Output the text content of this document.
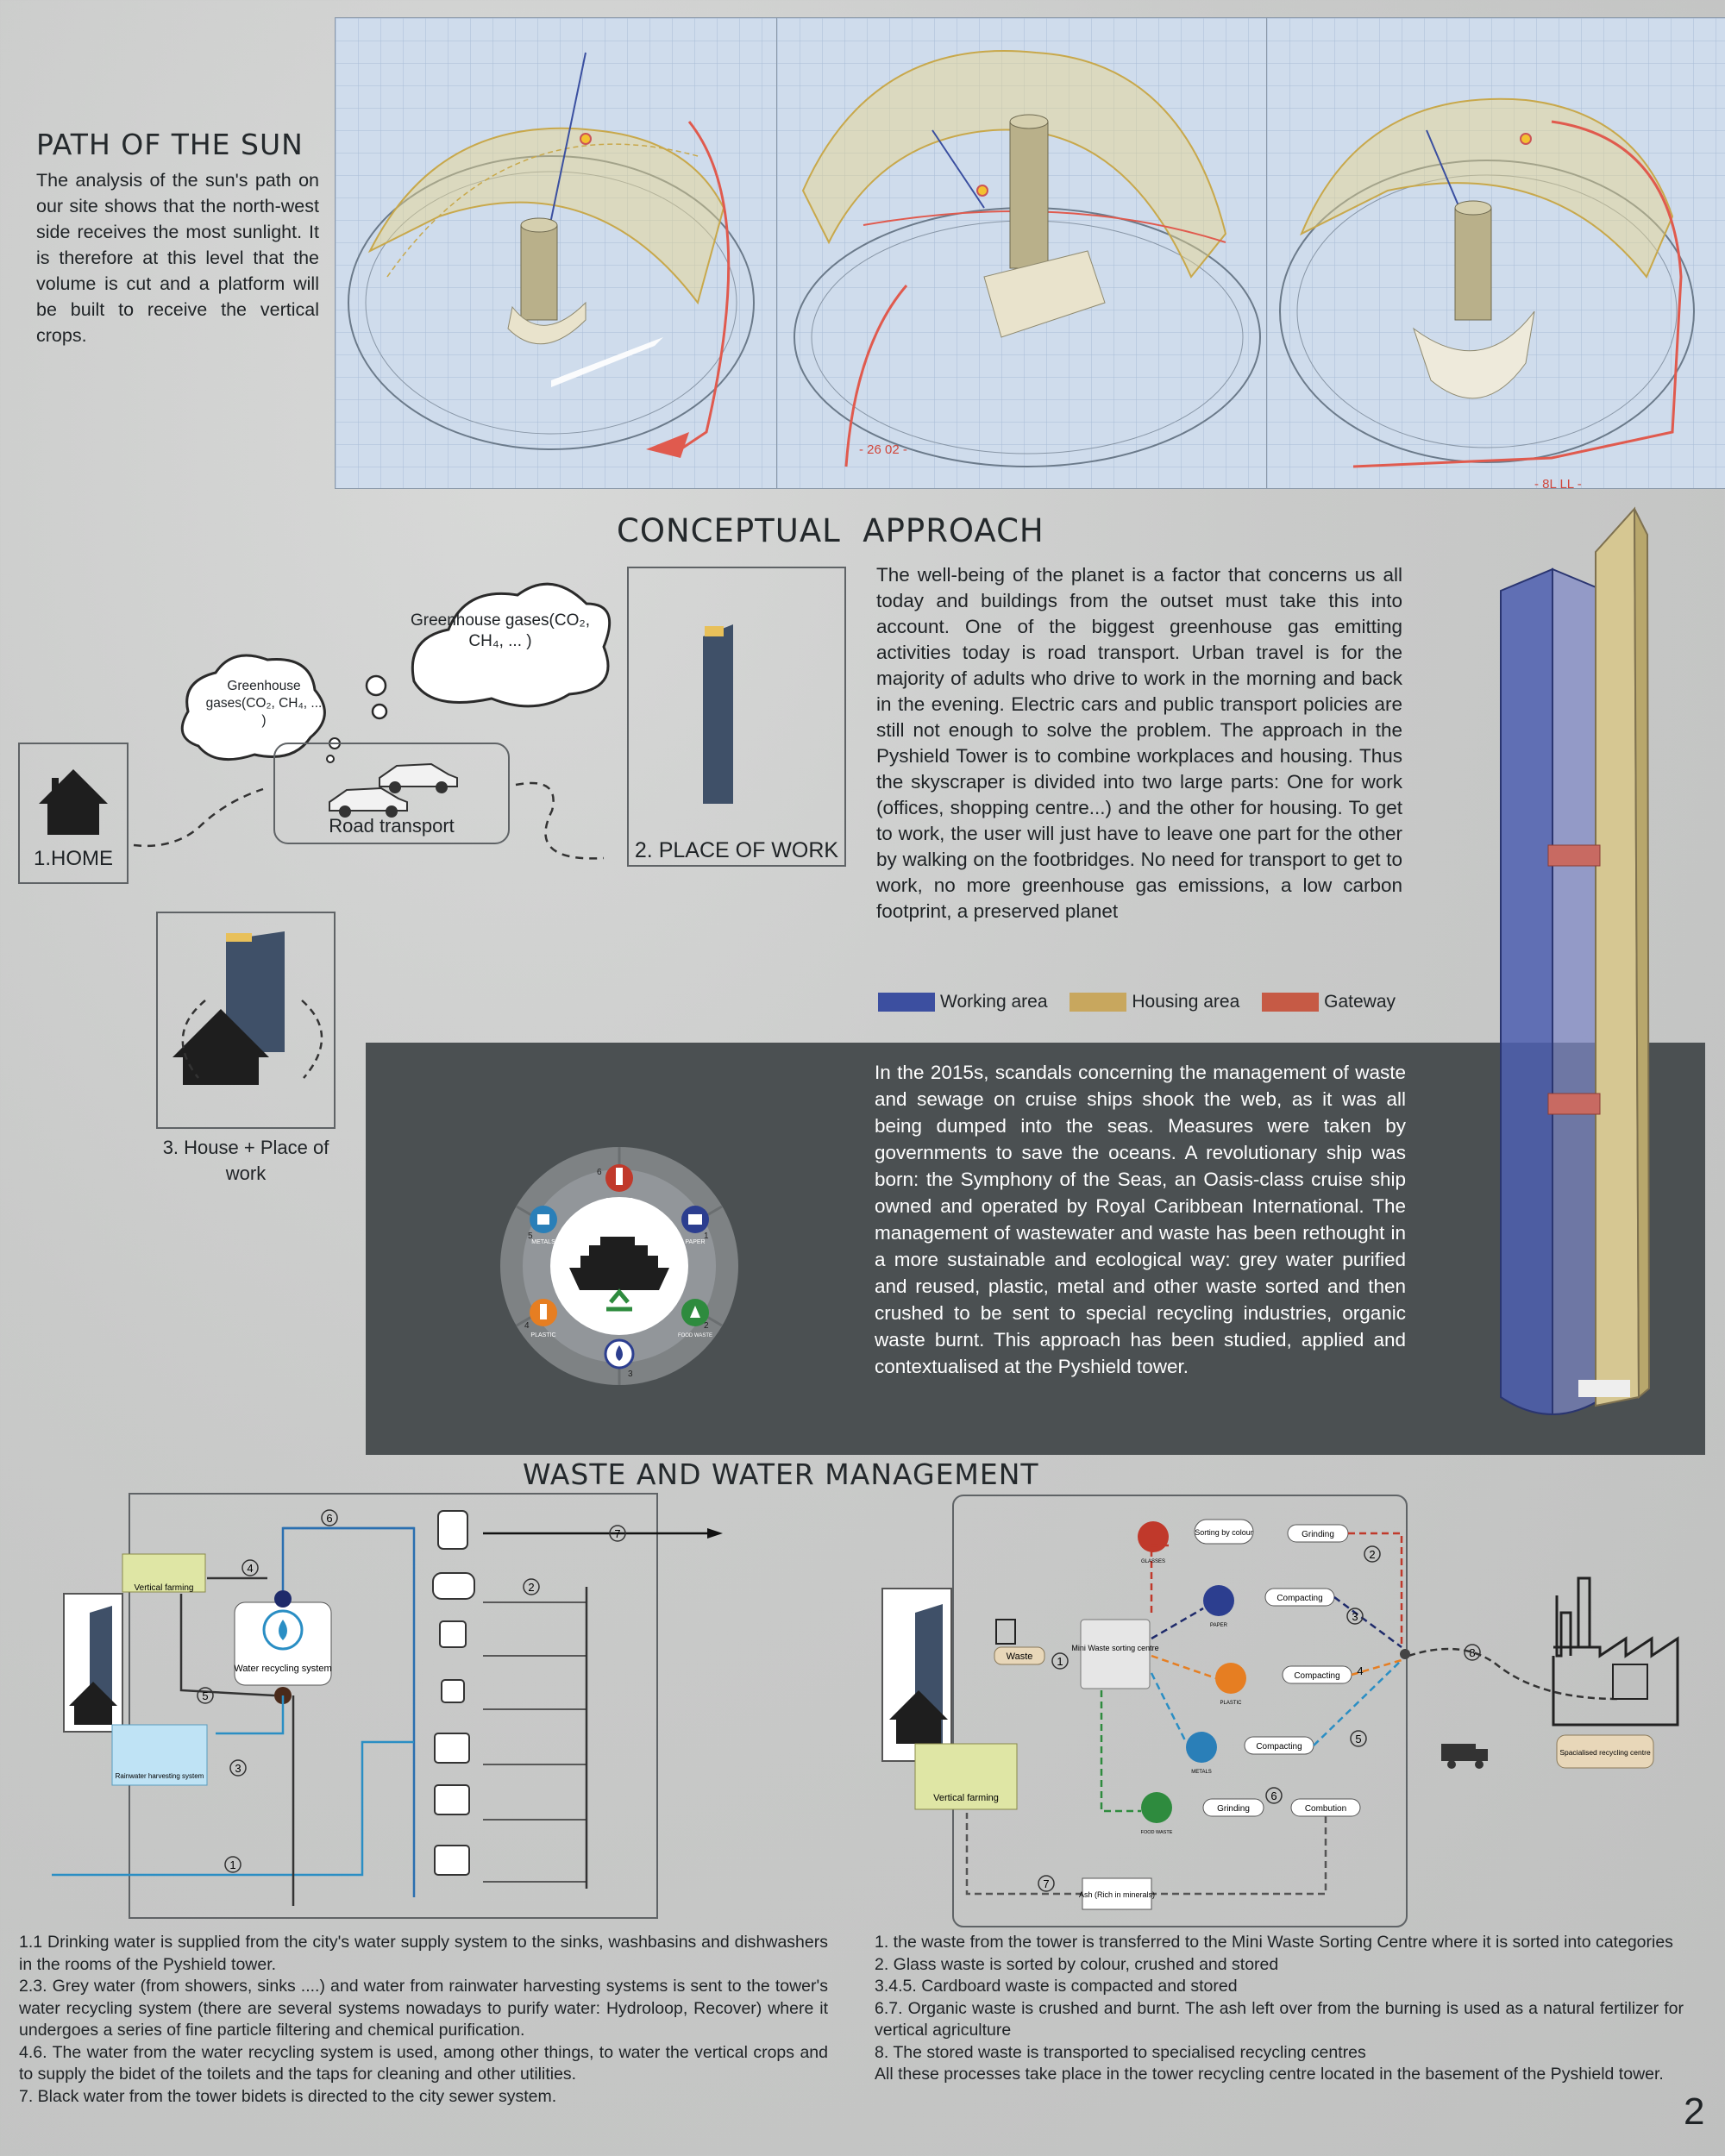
PATH OF THE SUN
The analysis of the sun's path on our site shows that the north-west side receives the most sunlight. It is therefore at this level that the volume is cut and a platform will be built to receive the vertical crops.
- 26 02 -
- 8L LL -
CONCEPTUAL  APPROACH
Greenhouse gases(CO₂, CH₄, ... )
Greenhouse gases(CO₂, CH₄, ... )
Road transport
1.HOME	2. PLACE OF WORK
3. House + Place of work
The well-being of the planet is a factor that concerns us all today and buildings from the outset must take this into account. One of the biggest greenhouse gas emitting activities today is road transport. Urban travel is for the majority of adults who drive to work in the morning and back in the evening. Electric cars and public transport policies are still not enough to solve the problem. The approach in the Pyshield Tower is to combine workplaces and housing. Thus the skyscraper is divided into two large parts: One for work (offices, shopping centre...) and the other for housing. To get to work, the user will just have to leave one part for the other by walking on the footbridges. No need for transport to get to work, no more greenhouse gas emissions, a low carbon footprint, a preserved planet
Working area	Housing area	Gateway
GLASSES
PAPER
FOOD WASTE
PLASTIC
METALS
6
1
2
3
4
5
In the 2015s, scandals concerning the management of waste and sewage on cruise ships shook the web, as it was all being dumped into the seas. Measures were taken by governments to save the oceans. A revolutionary ship was born: the Symphony of the Seas, an Oasis-class cruise ship owned and operated by Royal Caribbean International. The management of wastewater and waste has been rethought in a more sustainable and ecological way: grey water purified and reused, plastic, metal and other waste sorted and then crushed to be sent to special recycling industries, organic waste burnt. This approach has been studied, applied and contextualised at the Pyshield tower.
WASTE AND WATER MANAGEMENT
6
4
5
3
1
7
2
Vertical farming
Water recycling system
Rainwater harvesting system
1
2
3
4
5
6
7
8
Waste
Mini Waste sorting centre
Sorting by colour	Grinding
Compacting
Compacting
Compacting
Grinding	Combution
Ash (Rich in minerals)
Vertical farming
Spacialised recycling centre
GLASSES
PAPER
PLASTIC
METALS
FOOD WASTE
1.1 Drinking water is supplied from the city's water supply system to the sinks, washbasins and dishwashers in the rooms of the Pyshield tower.
2.3. Grey water (from showers, sinks ....) and water from rainwater harvesting systems is sent to the tower's water recycling system (there are several systems nowadays to purify water: Hydroloop, Recover) where it undergoes a series of fine particle filtering and chemical purification.
4.6. The water from the water recycling system is used, among other things, to water the vertical crops and to supply the bidet of the toilets and the taps for cleaning and other utilities.
7. Black water from the tower bidets is directed to the city sewer system.
1. the waste from the tower is transferred to the Mini Waste Sorting Centre where it is sorted into categories
2. Glass waste is sorted by colour, crushed and stored
3.4.5. Cardboard waste is compacted and stored
6.7. Organic waste is crushed and burnt. The ash left over from the burning is used as a natural fertilizer for vertical agriculture
8. The stored waste is transported to specialised recycling centres
All these processes take place in the tower recycling centre located in the basement of the Pyshield tower.
2
